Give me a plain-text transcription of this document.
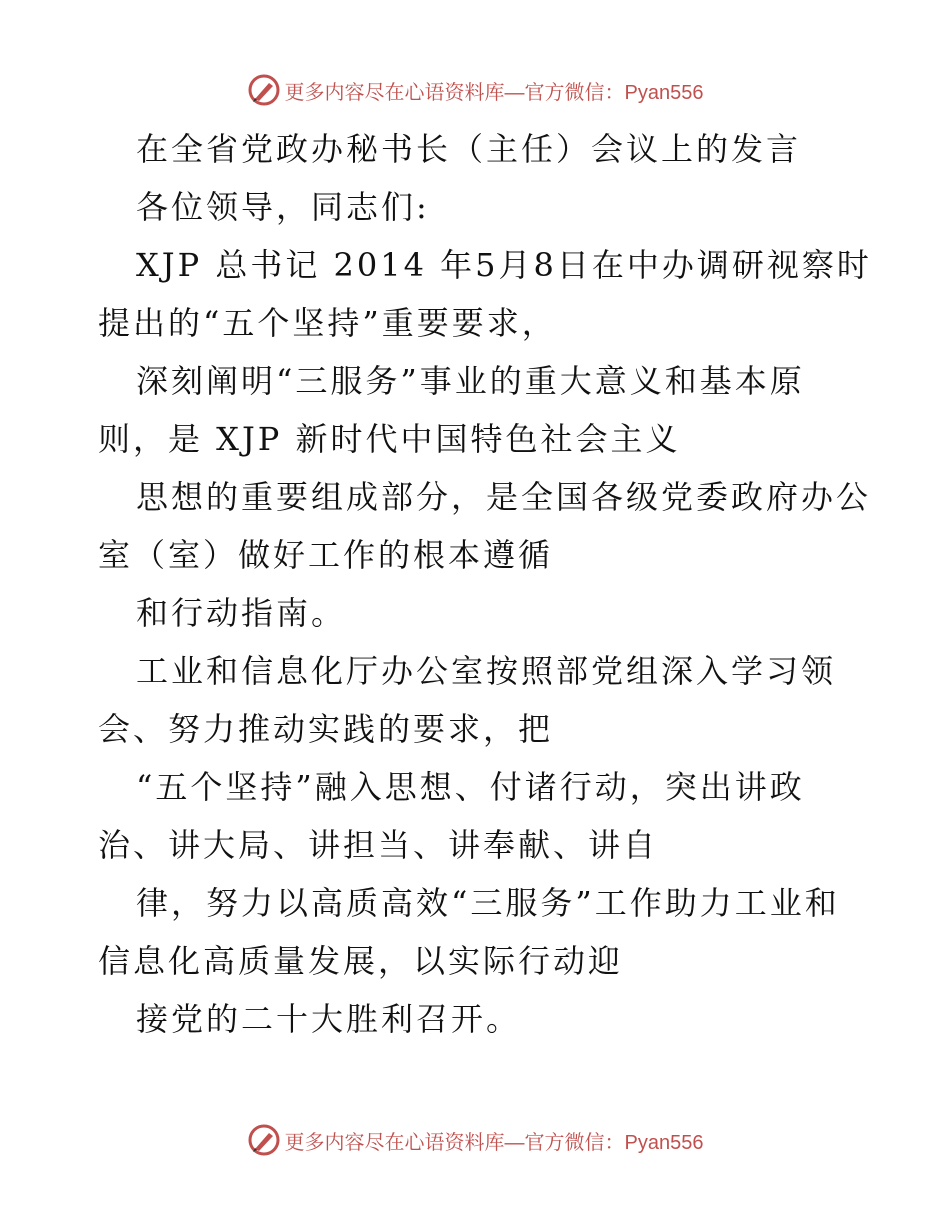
更多内容尽在心语资料库—官方微信：Pyan556
在全省党政办秘书长（主任）会议上的发言
各位领导，同志们:
XJP 总书记 2014 年5月8日在中办调研视察时
提出的“五个坚持”重要要求，
深刻阐明“三服务”事业的重大意义和基本原
则，是 XJP 新时代中国特色社会主义
思想的重要组成部分，是全国各级党委政府办公
室（室）做好工作的根本遵循
和行动指南。
工业和信息化厅办公室按照部党组深入学习领
会、努力推动实践的要求，把
“五个坚持”融入思想、付诸行动，突出讲政
治、讲大局、讲担当、讲奉献、讲自
律，努力以高质高效“三服务”工作助力工业和
信息化高质量发展，以实际行动迎
接党的二十大胜利召开。
更多内容尽在心语资料库—官方微信：Pyan556
